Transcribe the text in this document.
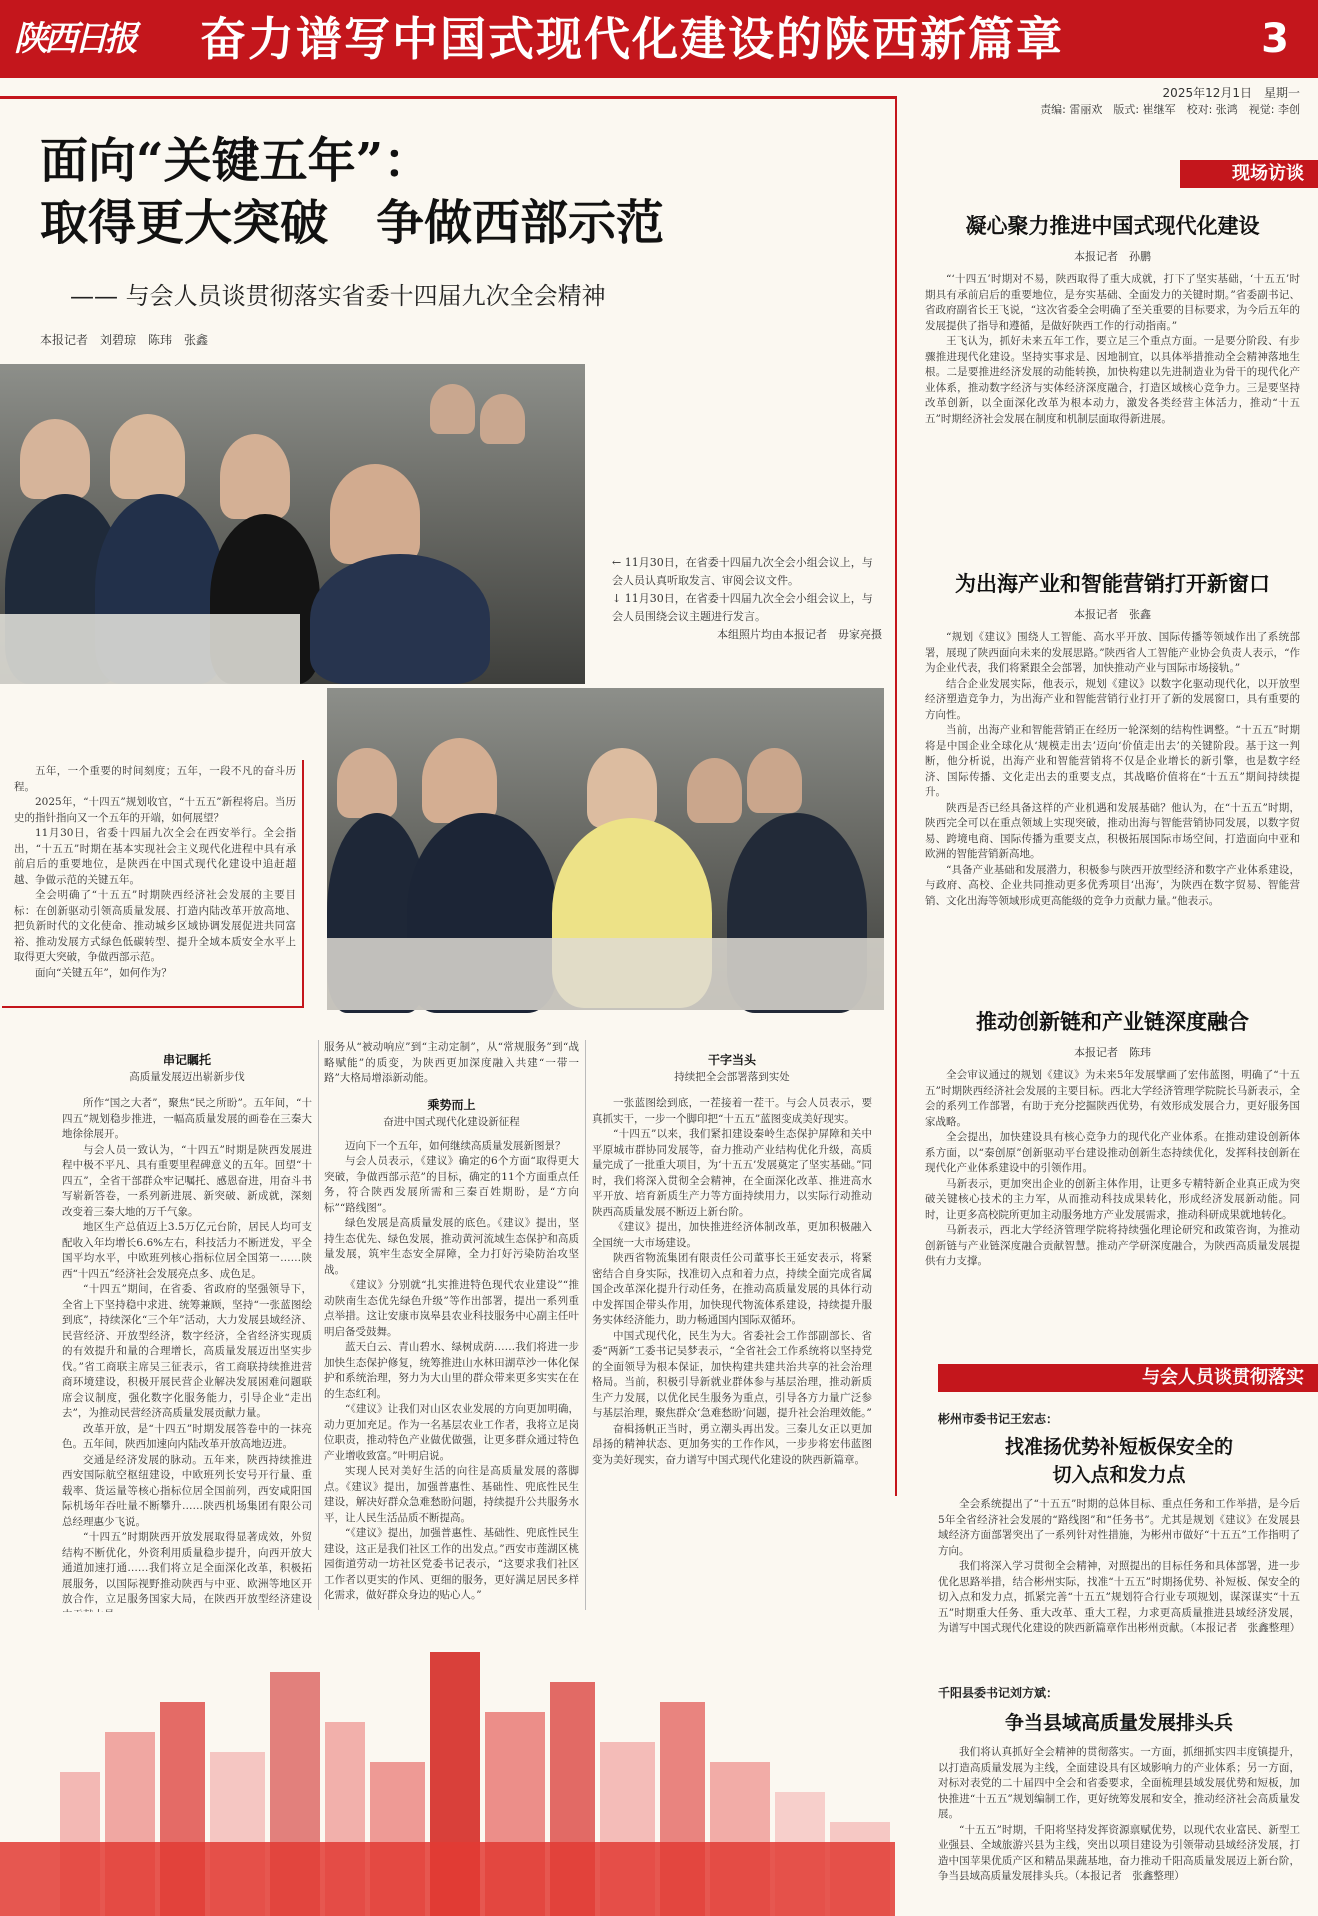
陕西日报 奋力谱写中国式现代化建设的陕西新篇章	3
2025年12月1日　星期一
责编: 雷丽欢　版式: 崔继军　校对: 张鸿　视觉: 李创
面向“关键五年”：
取得更大突破　争做西部示范
—— 与会人员谈贯彻落实省委十四届九次全会精神
本报记者　刘碧琼　陈玮　张鑫
← 11月30日，在省委十四届九次全会小组会议上，与会人员认真听取发言、审阅会议文件。
↓ 11月30日，在省委十四届九次全会小组会议上，与会人员围绕会议主题进行发言。
本组照片均由本报记者　毋家亮摄

五年，一个重要的时间刻度；五年，一段不凡的奋斗历程。

2025年，“十四五”规划收官，“十五五”新程将启。当历史的指针指向又一个五年的开端，如何展望？

11月30日，省委十四届九次全会在西安举行。全会指出，“十五五”时期在基本实现社会主义现代化进程中具有承前启后的重要地位，是陕西在中国式现代化建设中追赶超越、争做示范的关键五年。

全会明确了“十五五”时期陕西经济社会发展的主要目标：在创新驱动引领高质量发展、打造内陆改革开放高地、把负新时代的文化使命、推动城乡区域协调发展促进共同富裕、推动发展方式绿色低碳转型、提升全域本质安全水平上取得更大突破，争做西部示范。

面向“关键五年”，如何作为？

串记瞩托
高质量发展迈出崭新步伐

所作“国之大者”，聚焦“民之所盼”。五年间，“十四五”规划稳步推进，一幅高质量发展的画卷在三秦大地徐徐展开。

与会人员一致认为，“十四五”时期是陕西发展进程中极不平凡、具有重要里程碑意义的五年。回望“十四五”，全省干部群众牢记嘱托、感恩奋进，用奋斗书写崭新答卷，一系列新进展、新突破、新成就，深刻改变着三秦大地的万千气象。

地区生产总值迈上3.5万亿元台阶，居民人均可支配收入年均增长6.6%左右，科技活力不断迸发，平全国平均水平，中欧班列核心指标位居全国第一……陕西“十四五”经济社会发展亮点多、成色足。

“十四五”期间，在省委、省政府的坚强领导下，全省上下坚持稳中求进、统筹兼顾，坚持“一张蓝图绘到底”，持续深化“三个年”活动，大力发展县域经济、民营经济、开放型经济，数字经济，全省经济实现质的有效提升和量的合理增长，高质量发展迈出坚实步伐。”省工商联主席吴三征表示，省工商联持续推进营商环境建设，积极开展民营企业解决发展困难问题联席会议制度，强化数字化服务能力，引导企业“走出去”，为推动民营经济高质量发展贡献力量。

改革开放，是“十四五”时期发展答卷中的一抹亮色。五年间，陕西加速向内陆改革开放高地迈进。

交通是经济发展的脉动。五年来，陕西持续推进西安国际航空枢纽建设，中欧班列长安号开行量、重载率、货运量等核心指标位居全国前列，西安咸阳国际机场年吞吐量不断攀升……陕西机场集团有限公司总经理惠少飞说。

“十四五”时期陕西开放发展取得显著成效，外贸结构不断优化，外资利用质量稳步提升，向西开放大通道加速打通……我们将立足全面深化改革，积极拓展服务，以国际视野推动陕西与中亚、欧洲等地区开放合作，立足服务国家大局，在陕西开放型经济建设

服务从“被动响应”到“主动定制”，从“常规服务”到“战略赋能”的质变，为陕西更加深度融入共建“一带一路”大格局增添新动能。

乘势而上
奋进中国式现代化建设新征程

迈向下一个五年，如何继续高质量发展新图景？

与会人员表示，《建议》确定的6个方面“取得更大突破，争做西部示范”的目标，确定的11个方面重点任务，符合陕西发展所需和三秦百姓期盼，是“方向标”“路线图”。

绿色发展是高质量发展的底色。《建议》提出，坚持生态优先、绿色发展，推动黄河流域生态保护和高质量发展，筑牢生态安全屏障，全力打好污染防治攻坚战。

《建议》分别就“扎实推进特色现代农业建设”“推动陕南生态优先绿色升级”等作出部署，提出一系列重点举措。这让安康市岚皋县农业科技服务中心副主任叶明启备受鼓舞。

蓝天白云、青山碧水、绿树成荫……我们将进一步加快生态保护修复，统筹推进山水林田湖草沙一体化保护和系统治理，努力为大山里的群众带来更多实实在在的生态红利。

“《建议》让我们对山区农业发展的方向更加明确，动力更加充足。作为一名基层农业工作者，我将立足岗位职责，推动特色产业做优做强，让更多群众通过特色产业增收致富。”叶明启说。

实现人民对美好生活的向往是高质量发展的落脚点。《建议》提出，加强普惠性、基础性、兜底性民生建设，解决好群众急难愁盼问题，持续提升公共服务水平，让人民生活品质不断提高。

“《建议》提出，加强普惠性、基础性、兜底性民生建设，这正是我们社区工作的出发点。”西安市莲湖区桃园街道劳动一坊社区党委书记表示，“这要求我们社区工作者以更实的作风、更细的服务，更好满足居民多样化需求，做好群众身边的贴心人。”

干字当头
持续把全会部署落到实处

一张蓝图绘到底，一茬接着一茬干。与会人员表示，要真抓实干，一步一个脚印把“十五五”蓝图变成美好现实。

“十四五”以来，我们紧扣建设秦岭生态保护屏障和关中平原城市群协同发展等，奋力推动产业结构优化升级，高质量完成了一批重大项目，为‘十五五’发展奠定了坚实基础。”同时，我们将深入贯彻全会精神，在全面深化改革、推进高水平开放、培育新质生产力等方面持续用力，以实际行动推动陕西高质量发展不断迈上新台阶。

《建议》提出，加快推进经济体制改革，更加积极融入全国统一大市场建设。

陕西省物流集团有限责任公司董事长王延安表示，将紧密结合自身实际，找准切入点和着力点，持续全面完成省属国企改革深化提升行动任务，在推动高质量发展的具体行动中发挥国企带头作用，加快现代物流体系建设，持续提升服务实体经济能力，助力畅通国内国际双循环。

中国式现代化，民生为大。省委社会工作部副部长、省委“两新”工委书记吴梦表示，“全省社会工作系统将以坚持党的全面领导为根本保证，加快构建共建共治共享的社会治理格局。当前，积极引导新就业群体参与基层治理，推动新质生产力发展，以优化民生服务为重点，引导各方力量广泛参与基层治理，聚焦群众‘急难愁盼’问题，提升社会治理效能。”

奋楫扬帆正当时，勇立潮头再出发。三秦儿女正以更加昂扬的精神状态、更加务实的工作作风，一步步将宏伟蓝图变为美好现实，奋力谱写中国式现代化建设的陕西新篇章。

现场访谈
凝心聚力推进中国式现代化建设
本报记者　孙鹏

“‘十四五’时期对不易，陕西取得了重大成就，打下了坚实基础，‘十五五’时期具有承前启后的重要地位，是夯实基础、全面发力的关键时期。”省委副书记、省政府副省长王飞说，“这次省委全会明确了至关重要的目标要求，为今后五年的发展提供了指导和遵循，是做好陕西工作的行动指南。”

王飞认为，抓好未来五年工作，要立足三个重点方面。一是要分阶段、有步骤推进现代化建设。坚持实事求是、因地制宜，以具体举措推动全会精神落地生根。二是要推进经济发展的动能转换，加快构建以先进制造业为骨干的现代化产业体系，推动数字经济与实体经济深度融合，打造区域核心竞争力。三是要坚持改革创新，以全面深化改革为根本动力，激发各类经营主体活力，推动“十五五”时期经济社会发展在制度和机制层面取得新进展。

为出海产业和智能营销打开新窗口
本报记者　张鑫

“规划《建议》围绕人工智能、高水平开放、国际传播等领域作出了系统部署，展现了陕西面向未来的发展思路。”陕西省人工智能产业协会负责人表示，“作为企业代表，我们将紧跟全会部署，加快推动产业与国际市场接轨。”

结合企业发展实际，他表示，规划《建议》以数字化驱动现代化，以开放型经济塑造竞争力，为出海产业和智能营销行业打开了新的发展窗口，具有重要的方向性。

当前，出海产业和智能营销正在经历一轮深刻的结构性调整。“十五五”时期将是中国企业全球化从‘规模走出去’迈向‘价值走出去’的关键阶段。基于这一判断，他分析说，出海产业和智能营销将不仅是企业增长的新引擎，也是数字经济、国际传播、文化走出去的重要支点，其战略价值将在“十五五”期间持续提升。

陕西是否已经具备这样的产业机遇和发展基础？他认为，在“十五五”时期，陕西完全可以在重点领域上实现突破，推动出海与智能营销协同发展，以数字贸易、跨境电商、国际传播为重要支点，积极拓展国际市场空间，打造面向中亚和欧洲的智能营销新高地。

“具备产业基础和发展潜力，积极参与陕西开放型经济和数字产业体系建设，与政府、高校、企业共同推动更多优秀项目‘出海’，为陕西在数字贸易、智能营销、文化出海等领域形成更高能级的竞争力贡献力量。”他表示。

推动创新链和产业链深度融合
本报记者　陈玮

全会审议通过的规划《建议》为未来5年发展擘画了宏伟蓝图，明确了“十五五”时期陕西经济社会发展的主要目标。西北大学经济管理学院院长马新表示，全会的系列工作部署，有助于充分挖掘陕西优势，有效形成发展合力，更好服务国家战略。

全会提出，加快建设具有核心竞争力的现代化产业体系。在推动建设创新体系方面，以“秦创原”创新驱动平台建设推动创新生态持续优化，发挥科技创新在现代化产业体系建设中的引领作用。

马新表示，更加突出企业的创新主体作用，让更多专精特新企业真正成为突破关键核心技术的主力军，从而推动科技成果转化，形成经济发展新动能。同时，让更多高校院所更加主动服务地方产业发展需求，推动科研成果就地转化。

马新表示，西北大学经济管理学院将持续强化理论研究和政策咨询，为推动创新链与产业链深度融合贡献智慧。推动产学研深度融合，为陕西高质量发展提供有力支撑。

与会人员谈贯彻落实
彬州市委书记王宏志：
找准扬优势补短板保安全的
切入点和发力点

全会系统提出了“十五五”时期的总体目标、重点任务和工作举措，是今后5年全省经济社会发展的“路线图”和“任务书”。尤其是规划《建议》在发展县域经济方面部署突出了一系列针对性措施，为彬州市做好“十五五”工作指明了方向。

我们将深入学习贯彻全会精神，对照提出的目标任务和具体部署，进一步优化思路举措，结合彬州实际，找准“十五五”时期扬优势、补短板、保安全的切入点和发力点，抓紧完善“十五五”规划符合行业专项规划，谋深谋实“十五五”时期重大任务、重大改革、重大工程，力求更高质量推进县域经济发展，为谱写中国式现代化建设的陕西新篇章作出彬州贡献。（本报记者　张鑫整理）

千阳县委书记刘方斌：
争当县域高质量发展排头兵

我们将认真抓好全会精神的贯彻落实。一方面，抓细抓实四丰度镇提升，以打造高质量发展为主线，全面建设具有区域影响力的产业体系；另一方面，对标对表党的二十届四中全会和省委要求，全面梳理县域发展优势和短板，加快推进“十五五”规划编制工作，更好统筹发展和安全，推动经济社会高质量发展。

“十五五”时期，千阳将坚持发挥资源禀赋优势，以现代农业富民、新型工业强县、全域旅游兴县为主线，突出以项目建设为引领带动县域经济发展，打造中国苹果优质产区和精品果蔬基地，奋力推动千阳高质量发展迈上新台阶，争当县域高质量发展排头兵。（本报记者　张鑫整理）
